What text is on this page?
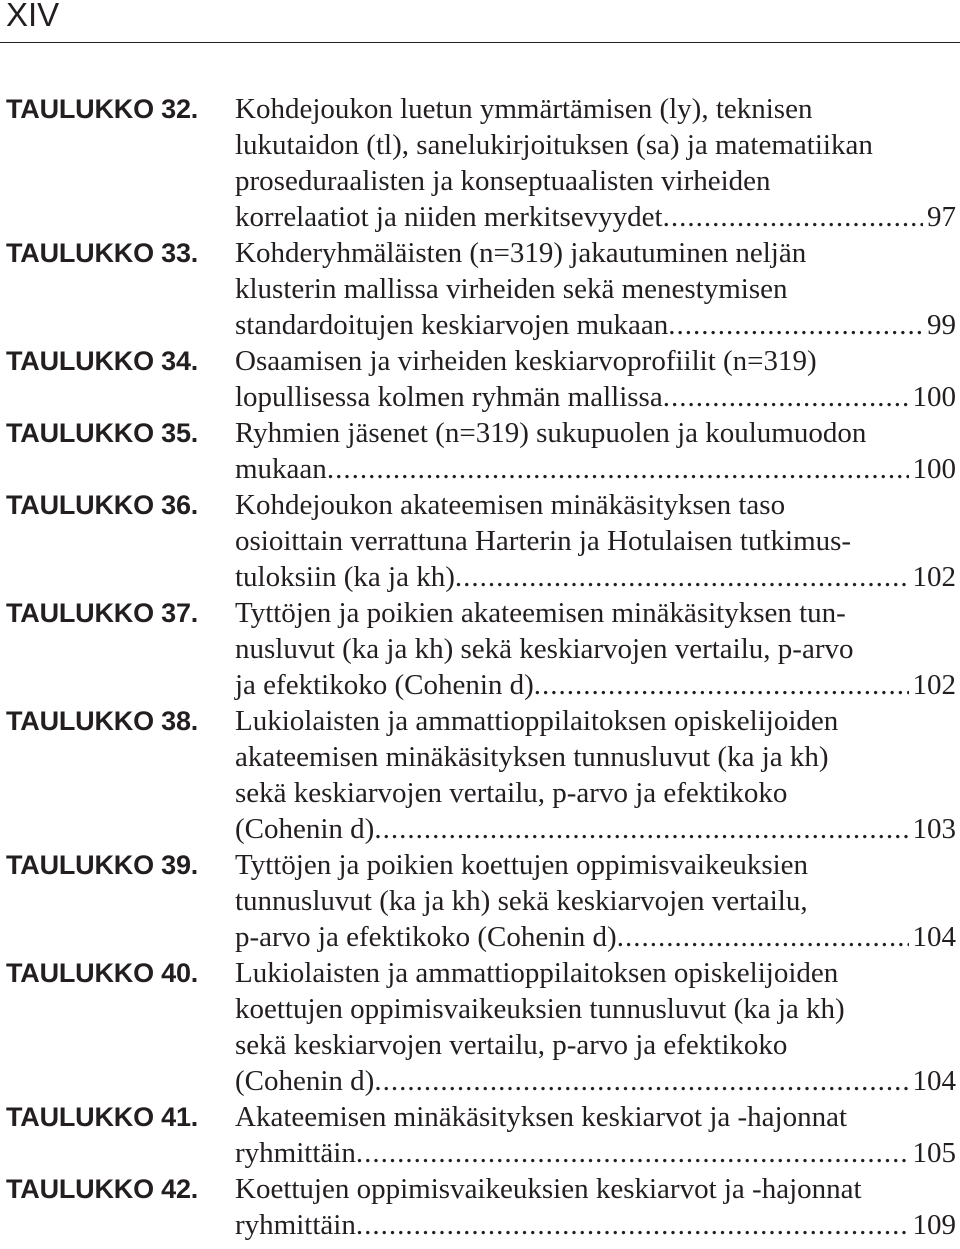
XIV
TAULUKKO 32.	Kohdejoukon luetun ymmärtämisen (ly), teknisen
lukutaidon (tl), sanelukirjoituksen (sa) ja matematiikan
proseduraalisten ja konseptuaalisten virheiden
korrelaatiot ja niiden merkitsevyydet .....	97
TAULUKKO 33.	Kohderyhmäläisten (n=319) jakautuminen neljän
klusterin mallissa virheiden sekä menestymisen
standardoitujen keskiarvojen mukaan .....	99
TAULUKKO 34.	Osaamisen ja virheiden keskiarvoprofiilit (n=319)
lopullisessa kolmen ryhmän mallissa .....	100
TAULUKKO 35.	Ryhmien jäsenet (n=319) sukupuolen ja koulumuodon
mukaan .....	100
TAULUKKO 36.	Kohdejoukon akateemisen minäkäsityksen taso
osioittain verrattuna Harterin ja Hotulaisen tutkimus-
tuloksiin (ka ja kh) .....	102
TAULUKKO 37.	Tyttöjen ja poikien akateemisen minäkäsityksen tun-
nusluvut (ka ja kh) sekä keskiarvojen vertailu, p-arvo
ja efektikoko (Cohenin d) .....	102
TAULUKKO 38.	Lukiolaisten ja ammattioppilaitoksen opiskelijoiden
akateemisen minäkäsityksen tunnusluvut (ka ja kh)
sekä keskiarvojen vertailu, p-arvo ja efektikoko
(Cohenin d) .....	103
TAULUKKO 39.	Tyttöjen ja poikien koettujen oppimisvaikeuksien
tunnusluvut (ka ja kh) sekä keskiarvojen vertailu,
p-arvo ja efektikoko (Cohenin d) .....	104
TAULUKKO 40.	Lukiolaisten ja ammattioppilaitoksen opiskelijoiden
koettujen oppimisvaikeuksien tunnusluvut (ka ja kh)
sekä keskiarvojen vertailu, p-arvo ja efektikoko
(Cohenin d) .....	104
TAULUKKO 41.	Akateemisen minäkäsityksen keskiarvot ja -hajonnat
ryhmittäin .....	105
TAULUKKO 42.	Koettujen oppimisvaikeuksien keskiarvot ja -hajonnat
ryhmittäin .....	109
